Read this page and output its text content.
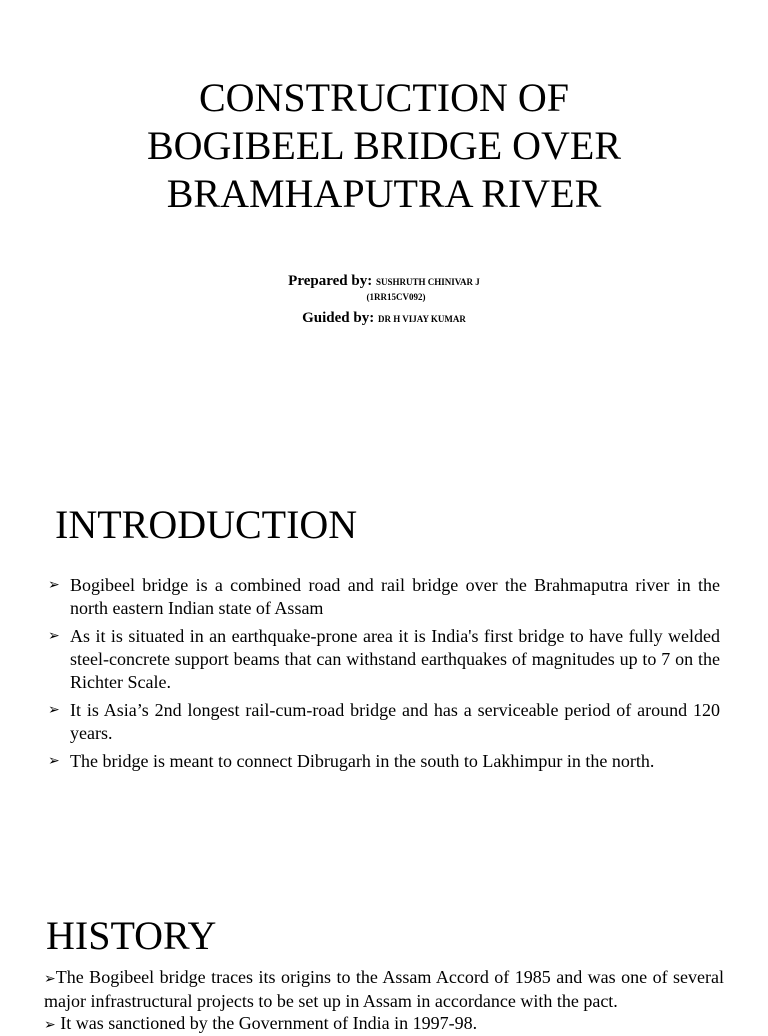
CONSTRUCTION OF
BOGIBEEL BRIDGE OVER
BRAMHAPUTRA RIVER
Prepared by: SUSHRUTH CHINIVAR J
(1RR15CV092)
Guided by: DR H VIJAY KUMAR
INTRODUCTION
➢ Bogibeel bridge is a combined road and rail bridge over the Brahmaputra river in the north eastern Indian state of Assam
➢ As it is situated in an earthquake-prone area it is India's first bridge to have fully welded steel-concrete support beams that can withstand earthquakes of magnitudes up to 7 on the Richter Scale.
➢ It is Asia’s 2nd longest rail-cum-road bridge and has a serviceable period of around 120 years.
➢ The bridge is meant to connect Dibrugarh in the south to Lakhimpur in the north.
HISTORY

➢The Bogibeel bridge traces its origins to the Assam Accord of 1985 and was one of several major infrastructural projects to be set up in Assam in accordance with the pact.

➢ It was sanctioned by the Government of India in 1997-98.
